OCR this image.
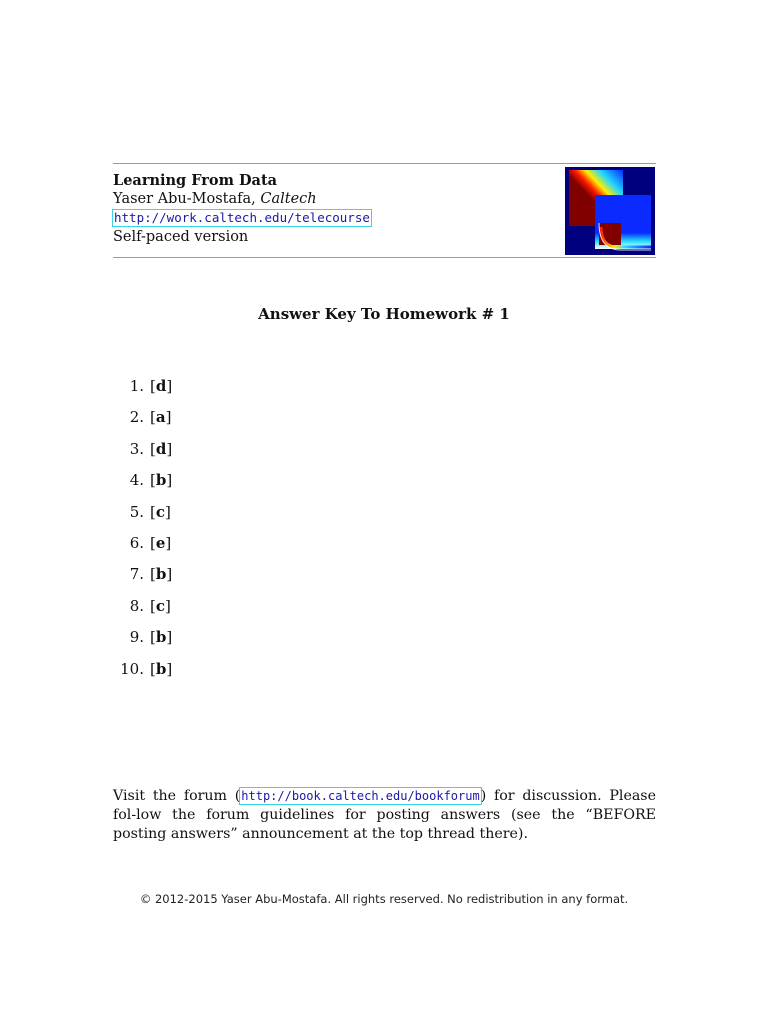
Learning From Data
Yaser Abu-Mostafa, Caltech
http://work.caltech.edu/telecourse
Self-paced version
Answer Key To Homework # 1
1. [d]
2. [a]
3. [d]
4. [b]
5. [c]
6. [e]
7. [b]
8. [c]
9. [b]
10. [b]
Visit the forum (http://book.caltech.edu/bookforum) for discussion. Please fol-low the forum guidelines for posting answers (see the “BEFORE posting answers” announcement at the top thread there).
© 2012-2015 Yaser Abu-Mostafa. All rights reserved. No redistribution in any format.
